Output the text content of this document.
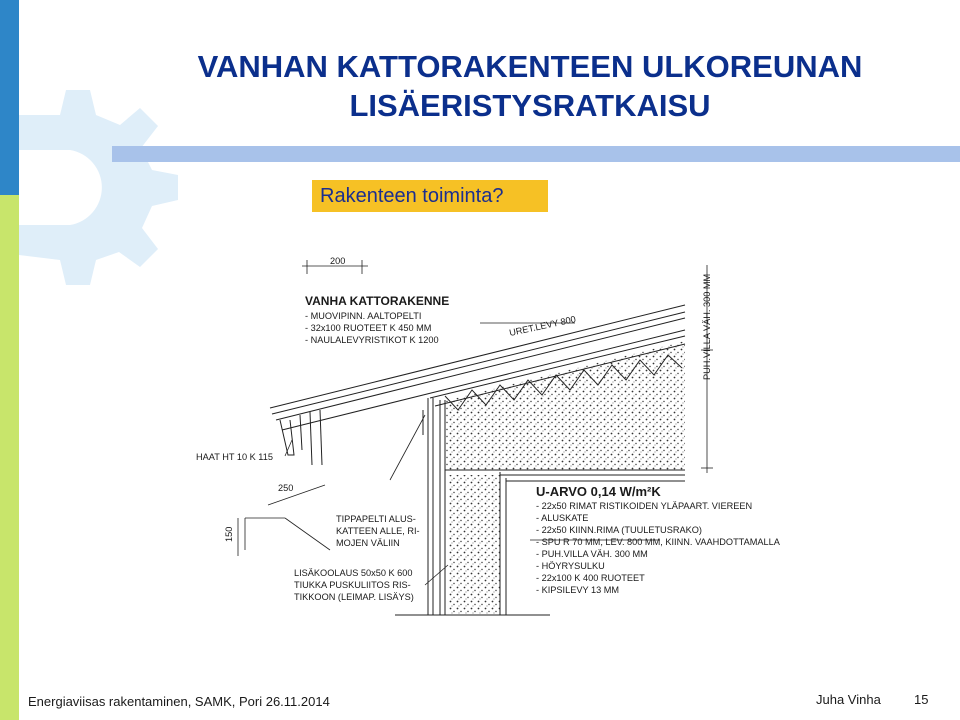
VANHAN KATTORAKENTEEN ULKOREUNAN
LISÄERISTYSRATKAISU
Rakenteen toiminta?
200
VANHA KATTORAKENNE
- MUOVIPINN. AALTOPELTI
- 32x100 RUOTEET K 450 MM
- NAULALEVYRISTIKOT K 1200
URET.LEVY 800	PUH.VILLA VÄH. 300 MM
HAAT HT 10 K 115
250
150
TIPPAPELTI ALUS-
KATTEEN ALLE, RI-
MOJEN VÄLIIN
LISÄKOOLAUS 50x50 K 600
TIUKKA PUSKULIITOS RIS-
TIKKOON (LEIMAP. LISÄYS)
U-ARVO 0,14 W/m²K
- 22x50 RIMAT RISTIKOIDEN YLÄPAART. VIEREEN
- ALUSKATE
- 22x50 KIINN.RIMA (TUULETUSRAKO)
- SPU R 70 MM, LEV. 800 MM, KIINN. VAAHDOTTAMALLA
- PUH.VILLA VÄH. 300 MM
- HÖYRYSULKU
- 22x100 K 400 RUOTEET
- KIPSILEVY 13 MM
Energiaviisas rakentaminen, SAMK, Pori 26.11.2014	Juha Vinha	15
